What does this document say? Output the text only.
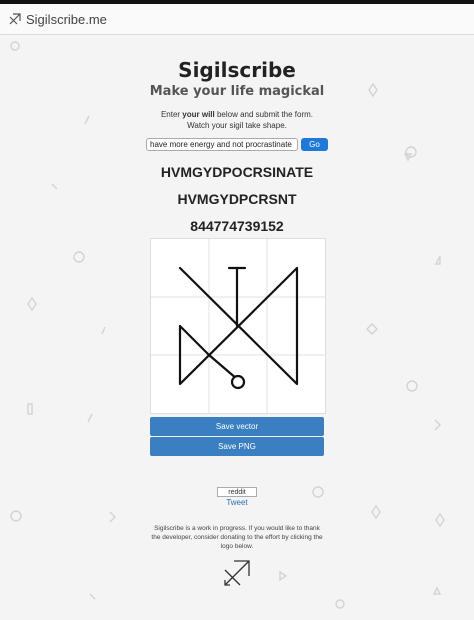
Sigilscribe.me
Sigilscribe
Make your life magickal
Enter your will below and submit the form.
Watch your sigil take shape.
have more energy and not procrastinate	Go
HVMGYDPOCRSINATE
HVMGYDPCRSNT
844774739152
Save vector
Save PNG
reddit
Tweet
Sigilscribe is a work in progress. If you would like to thank the developer, consider donating to the effort by clicking the logo below.
